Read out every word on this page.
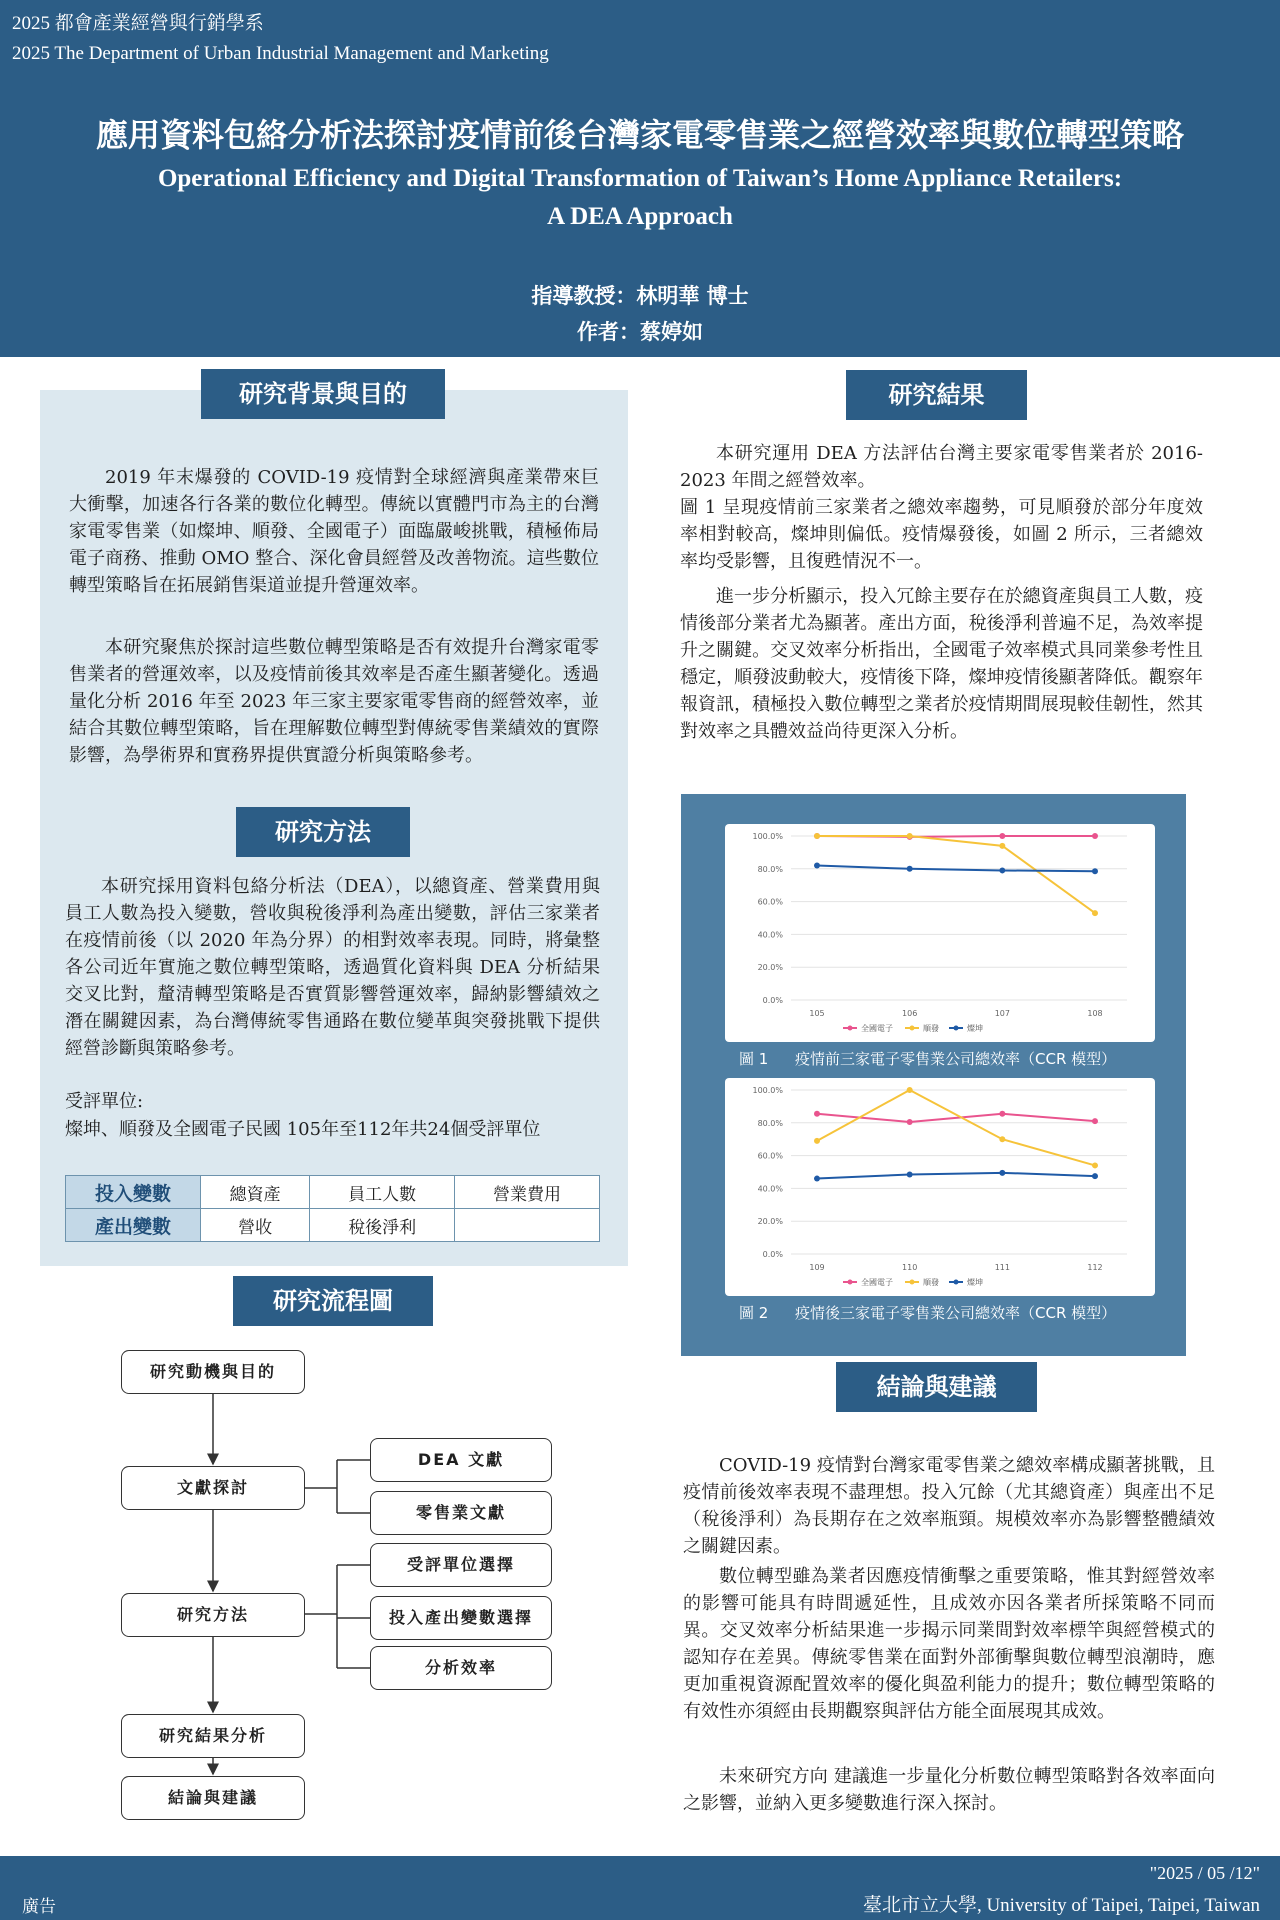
2025 都會產業經營與行銷學系
2025 The Department of Urban Industrial Management and Marketing
應用資料包絡分析法探討疫情前後台灣家電零售業之經營效率與數位轉型策略
Operational Efficiency and Digital Transformation of Taiwan’s Home Appliance Retailers:
A DEA Approach
指導教授：林明華 博士
作者：蔡婷如
研究背景與目的
2019 年末爆發的 COVID-19 疫情對全球經濟與產業帶來巨大衝擊，加速各行各業的數位化轉型。傳統以實體門市為主的台灣家電零售業（如燦坤、順發、全國電子）面臨嚴峻挑戰，積極佈局電子商務、推動 OMO 整合、深化會員經營及改善物流。這些數位轉型策略旨在拓展銷售渠道並提升營運效率。
本研究聚焦於探討這些數位轉型策略是否有效提升台灣家電零售業者的營運效率，以及疫情前後其效率是否產生顯著變化。透過量化分析 2016 年至 2023 年三家主要家電零售商的經營效率，並結合其數位轉型策略，旨在理解數位轉型對傳統零售業績效的實際影響，為學術界和實務界提供實證分析與策略參考。
研究方法
本研究採用資料包絡分析法（DEA），以總資產、營業費用與員工人數為投入變數，營收與稅後淨利為產出變數，評估三家業者在疫情前後（以 2020 年為分界）的相對效率表現。同時，將彙整各公司近年實施之數位轉型策略，透過質化資料與 DEA 分析結果交叉比對，釐清轉型策略是否實質影響營運效率，歸納影響績效之潛在關鍵因素，為台灣傳統零售通路在數位變革與突發挑戰下提供經營診斷與策略參考。
受評單位:
燦坤、順發及全國電子民國 105年至112年共24個受評單位
投入變數	總資產	員工人數	營業費用
產出變數	營收	稅後淨利	
研究流程圖
研究動機與目的
文獻探討
研究方法
研究結果分析
結論與建議
DEA 文獻
零售業文獻
受評單位選擇
投入產出變數選擇
分析效率
研究結果
本研究運用 DEA 方法評估台灣主要家電零售業者於 2016-2023 年間之經營效率。
圖 1 呈現疫情前三家業者之總效率趨勢，可見順發於部分年度效率相對較高，燦坤則偏低。疫情爆發後，如圖 2 所示，三者總效率均受影響，且復甦情況不一。
進一步分析顯示，投入冗餘主要存在於總資產與員工人數，疫情後部分業者尤為顯著。產出方面，稅後淨利普遍不足，為效率提升之關鍵。交叉效率分析指出，全國電子效率模式具同業參考性且穩定，順發波動較大，疫情後下降，燦坤疫情後顯著降低。觀察年報資訊，積極投入數位轉型之業者於疫情期間展現較佳韌性，然其對效率之具體效益尚待更深入分析。
0.0%
20.0%
40.0%
60.0%
80.0%
100.0%
105	106	107	108
全國電子	順發	燦坤
圖 1 疫情前三家電子零售業公司總效率（CCR 模型）
0.0%
20.0%
40.0%
60.0%
80.0%
100.0%
109	110	111	112
全國電子	順發	燦坤
圖 2 疫情後三家電子零售業公司總效率（CCR 模型）
結論與建議
COVID-19 疫情對台灣家電零售業之總效率構成顯著挑戰，且疫情前後效率表現不盡理想。投入冗餘（尤其總資產）與產出不足（稅後淨利）為長期存在之效率瓶頸。規模效率亦為影響整體績效之關鍵因素。
數位轉型雖為業者因應疫情衝擊之重要策略，惟其對經營效率的影響可能具有時間遞延性，且成效亦因各業者所採策略不同而異。交叉效率分析結果進一步揭示同業間對效率標竿與經營模式的認知存在差異。傳統零售業在面對外部衝擊與數位轉型浪潮時，應更加重視資源配置效率的優化與盈利能力的提升；數位轉型策略的有效性亦須經由長期觀察與評估方能全面展現其成效。
未來研究方向 建議進一步量化分析數位轉型策略對各效率面向之影響，並納入更多變數進行深入探討。
廣告
"2025 / 05 /12"
臺北市立大學, University of Taipei, Taipei, Taiwan
